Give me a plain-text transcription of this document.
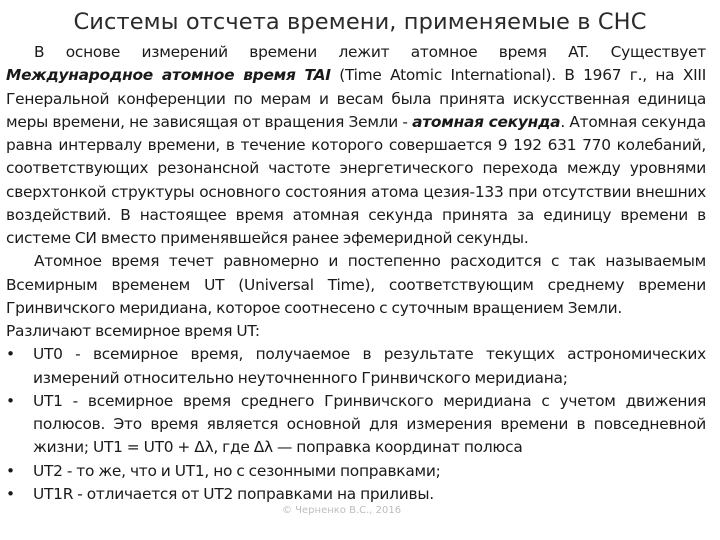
Системы отсчета времени, применяемые в СНС

В основе измерений времени лежит атомное время AT. Существует Международное атомное время TAI (Time Atomic International). В 1967 г., на XIII Генеральной конференции по мерам и весам была принята искусственная единица меры времени, не зависящая от вращения Земли - атомная секунда. Атомная секунда равна интервалу времени, в течение которого совершается 9 192 631 770 колебаний, соответствующих резонансной частоте энергетического перехода между уровнями сверхтонкой структуры основного состояния атома цезия-133 при отсутствии внешних воздействий. В настоящее время атомная секунда принята за единицу времени в системе СИ вместо применявшейся ранее эфемеридной секунды.

Атомное время течет равномерно и постепенно расходится с так называемым Всемирным временем UT (Universal Time), соответствующим среднему времени Гринвичского меридиана, которое соотнесено с суточным вращением Земли.

Различают всемирное время UT:

• UT0 - всемирное время, получаемое в результате текущих астрономических измерений относительно неуточненного Гринвичского меридиана;
• UT1 - всемирное время среднего Гринвичского меридиана с учетом движения полюсов. Это время является основной для измерения времени в повседневной жизни; UT1 = UT0 + Δλ, где Δλ — поправка координат полюса
• UT2 - то же, что и UT1, но с сезонными поправками;
• UT1R - отличается от UT2 поправками на приливы.
© Черненко В.С., 2016
